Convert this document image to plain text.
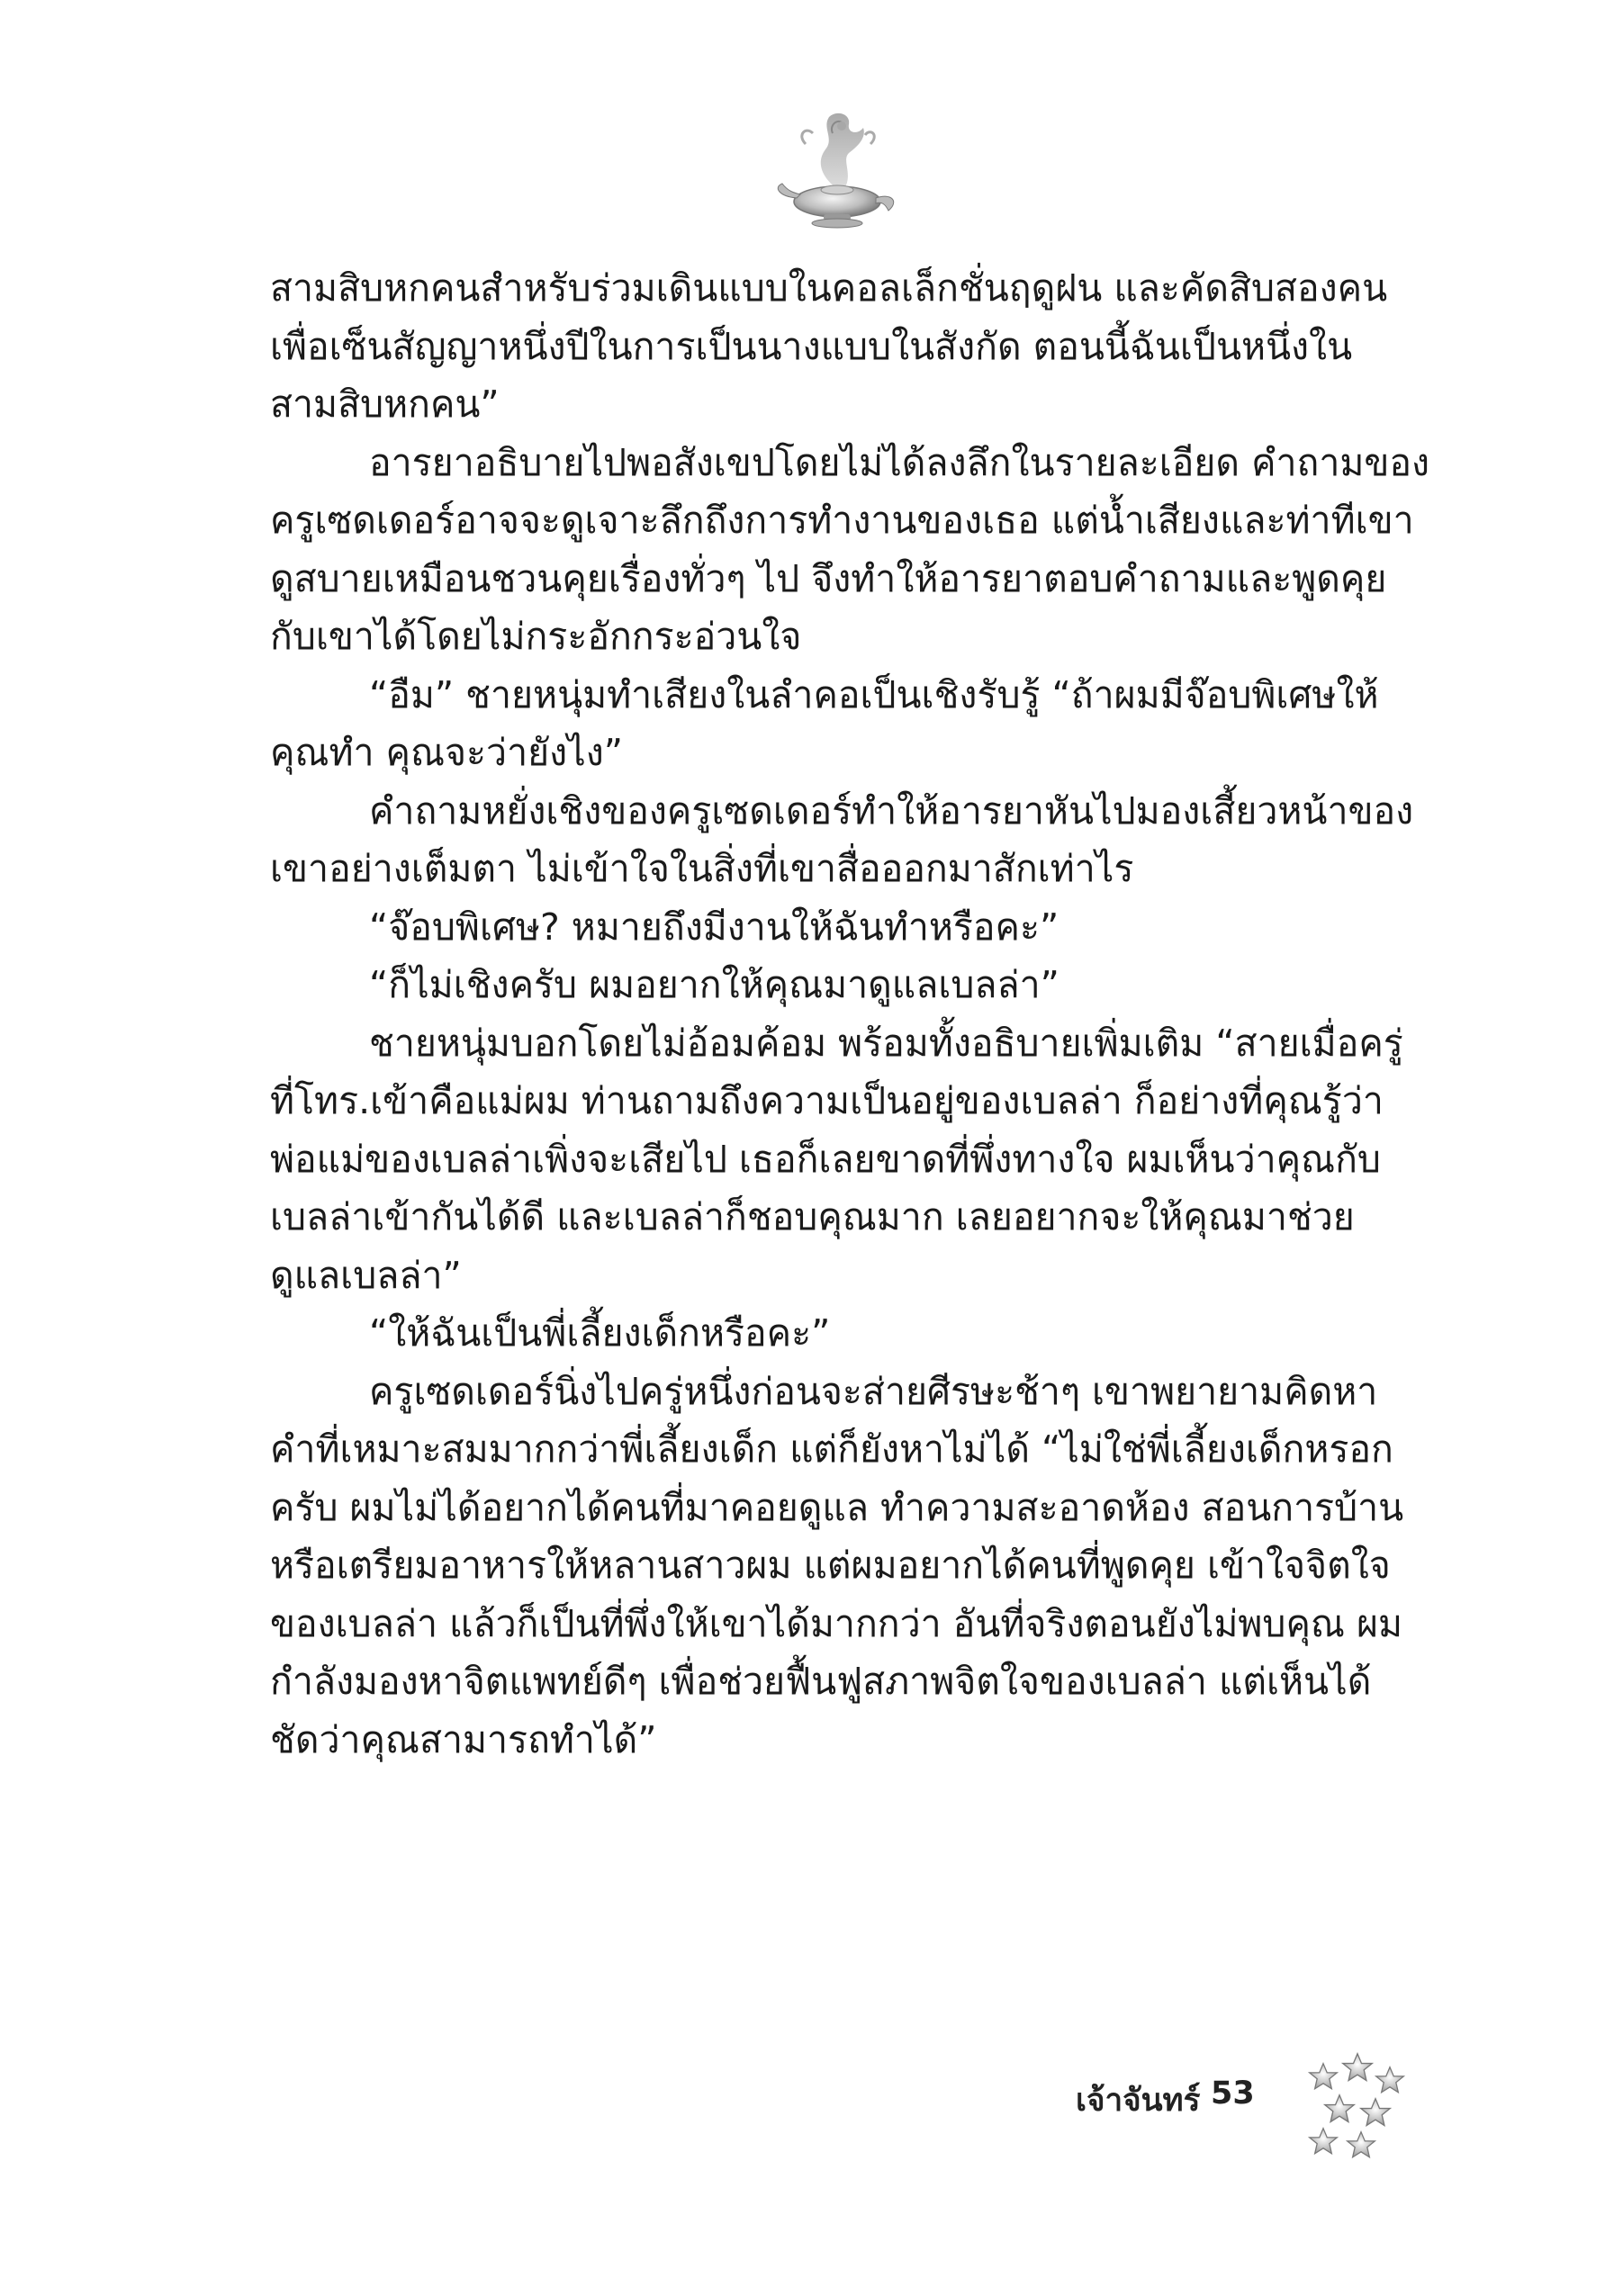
สามสิบหกคนสำหรับร่วมเดินแบบในคอลเล็กชั่นฤดูฝน และคัดสิบสองคน
เพื่อเซ็นสัญญาหนึ่งปีในการเป็นนางแบบในสังกัด ตอนนี้ฉันเป็นหนึ่งใน
สามสิบหกคน”
อารยาอธิบายไปพอสังเขปโดยไม่ได้ลงลึกในรายละเอียด คำถามของ
ครูเซดเดอร์อาจจะดูเจาะลึกถึงการทำงานของเธอ แต่น้ำเสียงและท่าทีเขา
ดูสบายเหมือนชวนคุยเรื่องทั่วๆ ไป จึงทำให้อารยาตอบคำถามและพูดคุย
กับเขาได้โดยไม่กระอักกระอ่วนใจ
“อืม” ชายหนุ่มทำเสียงในลำคอเป็นเชิงรับรู้ “ถ้าผมมีจ๊อบพิเศษให้
คุณทำ คุณจะว่ายังไง”
คำถามหยั่งเชิงของครูเซดเดอร์ทำให้อารยาหันไปมองเสี้ยวหน้าของ
เขาอย่างเต็มตา ไม่เข้าใจในสิ่งที่เขาสื่อออกมาสักเท่าไร
“จ๊อบพิเศษ? หมายถึงมีงานให้ฉันทำหรือคะ”
“ก็ไม่เชิงครับ ผมอยากให้คุณมาดูแลเบลล่า”
ชายหนุ่มบอกโดยไม่อ้อมค้อม พร้อมทั้งอธิบายเพิ่มเติม “สายเมื่อครู่
ที่โทร.เข้าคือแม่ผม ท่านถามถึงความเป็นอยู่ของเบลล่า ก็อย่างที่คุณรู้ว่า
พ่อแม่ของเบลล่าเพิ่งจะเสียไป เธอก็เลยขาดที่พึ่งทางใจ ผมเห็นว่าคุณกับ
เบลล่าเข้ากันได้ดี และเบลล่าก็ชอบคุณมาก เลยอยากจะให้คุณมาช่วย
ดูแลเบลล่า”
“ให้ฉันเป็นพี่เลี้ยงเด็กหรือคะ”
ครูเซดเดอร์นิ่งไปครู่หนึ่งก่อนจะส่ายศีรษะช้าๆ เขาพยายามคิดหา
คำที่เหมาะสมมากกว่าพี่เลี้ยงเด็ก แต่ก็ยังหาไม่ได้ “ไม่ใช่พี่เลี้ยงเด็กหรอก
ครับ ผมไม่ได้อยากได้คนที่มาคอยดูแล ทำความสะอาดห้อง สอนการบ้าน
หรือเตรียมอาหารให้หลานสาวผม แต่ผมอยากได้คนที่พูดคุย เข้าใจจิตใจ
ของเบลล่า แล้วก็เป็นที่พึ่งให้เขาได้มากกว่า อันที่จริงตอนยังไม่พบคุณ ผม
กำลังมองหาจิตแพทย์ดีๆ เพื่อช่วยฟื้นฟูสภาพจิตใจของเบลล่า แต่เห็นได้
ชัดว่าคุณสามารถทำได้”
เจ้าจันทร์ 53
